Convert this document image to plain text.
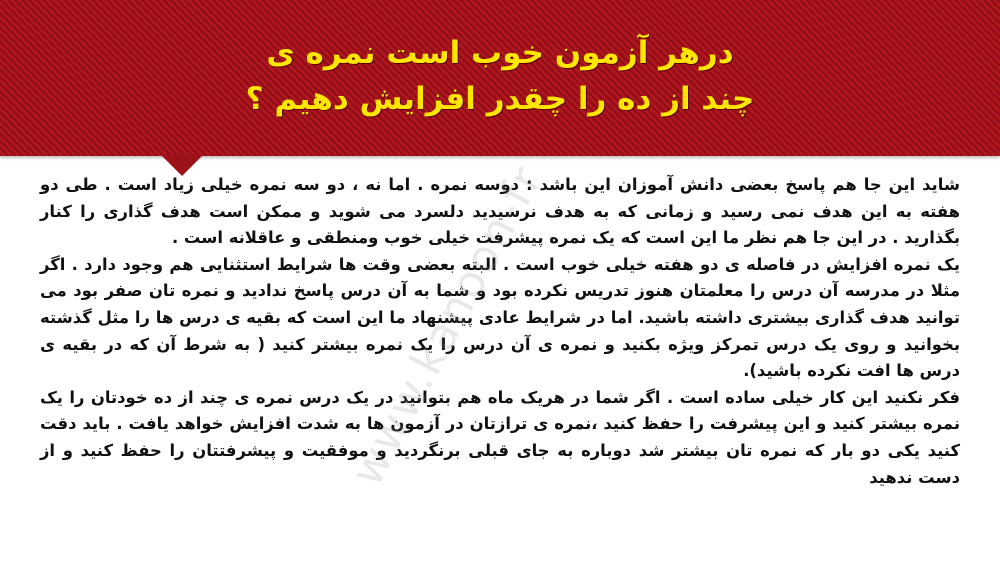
درهر آزمون خوب است نمره ی
چند از ده را چقدر افزایش دهیم ؟

شاید این جا هم پاسخ بعضی دانش آموزان این باشد : دوسه نمره . اما نه ، دو سه نمره خیلی زیاد است . طی دو هفته به این هدف نمی رسید و زمانی که به هدف نرسیدید دلسرد می شوید و ممکن است هدف گذاری را کنار بگذارید . در این جا هم نظر ما این است که یک نمره پیشرفت خیلی خوب ومنطقی و عاقلانه است .

یک نمره افزایش در فاصله ی دو هفته خیلی خوب است . البته بعضی وقت ها شرایط استثنایی هم وجود دارد . اگر مثلا در مدرسه آن درس را معلمتان هنوز تدریس نکرده بود و شما به آن درس پاسخ ندادید و نمره تان صفر بود می توانید هدف گذاری بیشتری داشته باشید. اما در شرایط عادی پیشنهاد ما این است که بقیه ی درس ها را مثل گذشته بخوانید و روی یک درس تمرکز ویژه بکنید و نمره ی آن درس را یک نمره بیشتر کنید ( به شرط آن که در بقیه ی درس ها افت نکرده باشید).

فکر نکنید این کار خیلی ساده است . اگر شما در هریک ماه هم بتوانید در یک درس نمره ی چند از ده خودتان را یک نمره بیشتر کنید و این پیشرفت را حفظ کنید ،نمره ی ترازتان در آزمون ها به شدت افزایش خواهد یافت . باید دقت کنید یکی دو بار که نمره تان بیشتر شد دوباره به جای قبلی برنگردید و موفقیت و پیشرفتتان را حفظ کنید و از دست ندهید

www.kanoon-fr
